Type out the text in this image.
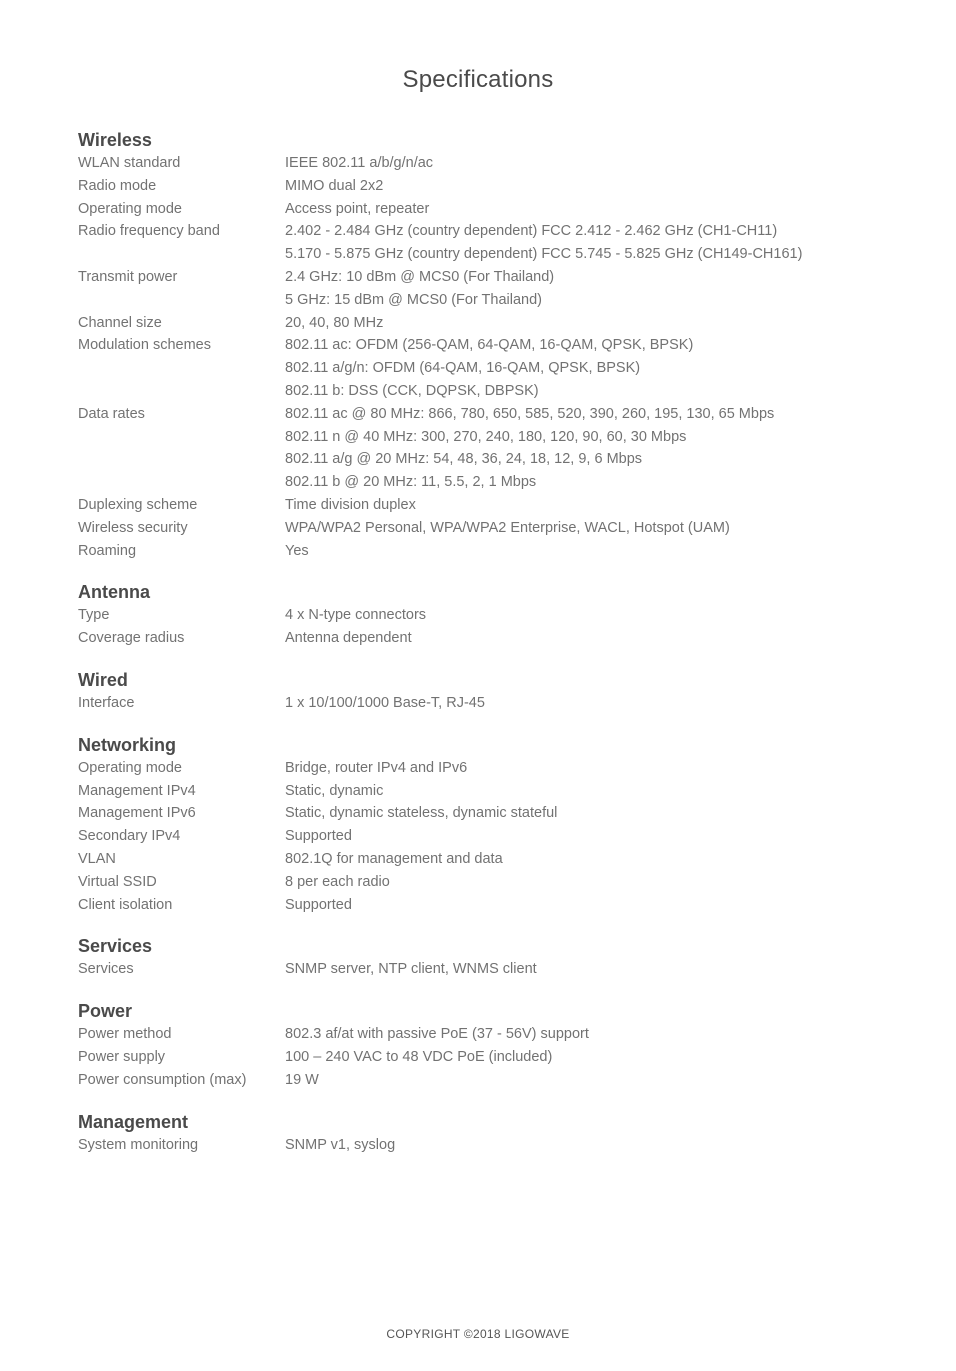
Specifications
Wireless
WLAN standard	IEEE 802.11 a/b/g/n/ac
Radio mode	MIMO dual 2x2
Operating mode	Access point, repeater
Radio frequency band	2.402 - 2.484 GHz (country dependent) FCC 2.412 - 2.462 GHz (CH1-CH11)
5.170 - 5.875 GHz (country dependent) FCC 5.745 - 5.825 GHz (CH149-CH161)
Transmit power	2.4 GHz: 10 dBm @ MCS0 (For Thailand)
5 GHz: 15 dBm @ MCS0 (For Thailand)
Channel size	20, 40, 80 MHz
Modulation schemes	802.11 ac: OFDM (256-QAM, 64-QAM, 16-QAM, QPSK, BPSK)
802.11 a/g/n: OFDM (64-QAM, 16-QAM, QPSK, BPSK)
802.11 b: DSS (CCK, DQPSK, DBPSK)
Data rates	802.11 ac @ 80 MHz: 866, 780, 650, 585, 520, 390, 260, 195, 130, 65 Mbps
802.11 n @ 40 MHz: 300, 270, 240, 180, 120, 90, 60, 30 Mbps
802.11 a/g @ 20 MHz: 54, 48, 36, 24, 18, 12, 9, 6 Mbps
802.11 b @ 20 MHz: 11, 5.5, 2, 1 Mbps
Duplexing scheme	Time division duplex
Wireless security	WPA/WPA2 Personal, WPA/WPA2 Enterprise, WACL, Hotspot (UAM)
Roaming	Yes
Antenna
Type	4 x N-type connectors
Coverage radius	Antenna dependent
Wired
Interface	1 x 10/100/1000 Base-T, RJ-45
Networking
Operating mode	Bridge, router IPv4 and IPv6
Management IPv4	Static, dynamic
Management IPv6	Static, dynamic stateless, dynamic stateful
Secondary IPv4	Supported
VLAN	802.1Q for management and data
Virtual SSID	8 per each radio
Client isolation	Supported
Services
Services	SNMP server, NTP client, WNMS client
Power
Power method	802.3 af/at with passive PoE (37 - 56V) support
Power supply	100 – 240 VAC to 48 VDC PoE (included)
Power consumption (max)	19 W
Management
System monitoring	SNMP v1, syslog
COPYRIGHT ©2018 LIGOWAVE
